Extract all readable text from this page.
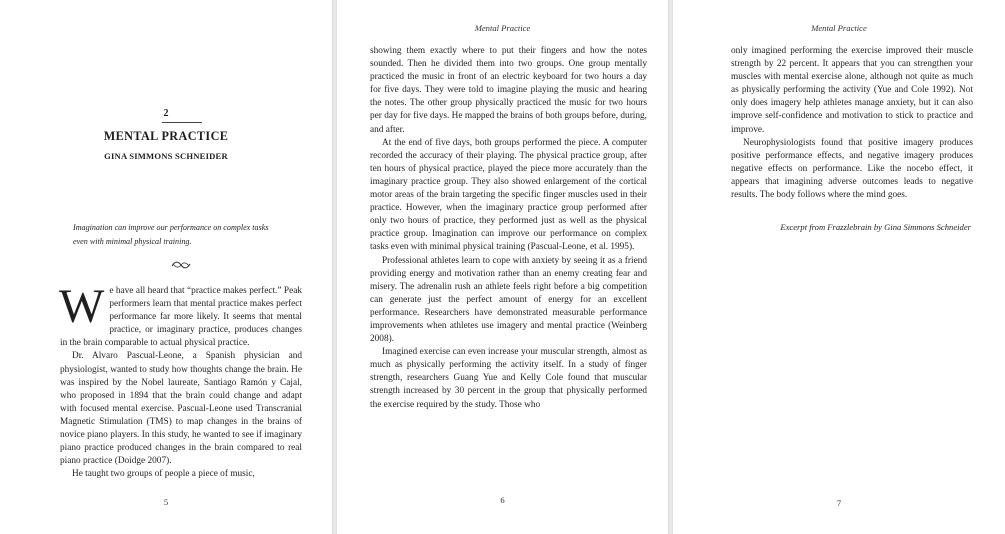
2
MENTAL PRACTICE
GINA SIMMONS SCHNEIDER
Imagination can improve our performance on complex tasks
even with minimal physical training.

W e have all heard that “practice makes perfect.” Peak performers learn that mental practice makes perfect performance far more likely. It seems that mental practice, or imaginary practice, produces changes in the brain comparable to actual physical practice.

Dr. Alvaro Pascual-Leone, a Spanish physician and physiologist, wanted to study how thoughts change the brain. He was inspired by the Nobel laureate, Santiago Ramón y Cajal, who proposed in 1894 that the brain could change and adapt with focused mental exercise. Pascual-Leone used Transcranial Magnetic Stimulation (TMS) to map changes in the brains of novice piano players. In this study, he wanted to see if imaginary piano practice produced changes in the brain compared to real piano practice (Doidge 2007).

He taught two groups of people a piece of music,

5
Mental Practice

showing them exactly where to put their fingers and how the notes sounded. Then he divided them into two groups. One group mentally practiced the music in front of an electric keyboard for two hours a day for five days. They were told to imagine playing the music and hearing the notes. The other group physically practiced the music for two hours per day for five days. He mapped the brains of both groups before, during, and after.

At the end of five days, both groups performed the piece. A computer recorded the accuracy of their playing. The physical practice group, after ten hours of physical practice, played the piece more accurately than the imaginary practice group. They also showed enlargement of the cortical motor areas of the brain targeting the specific finger muscles used in their practice. However, when the imaginary practice group performed after only two hours of practice, they performed just as well as the physical practice group. Imagination can improve our performance on complex tasks even with minimal physical training (Pascual-Leone, et al. 1995).

Professional athletes learn to cope with anxiety by seeing it as a friend providing energy and motivation rather than an enemy creating fear and misery. The adrenalin rush an athlete feels right before a big competition can generate just the perfect amount of energy for an excellent performance. Researchers have demonstrated measurable performance improvements when athletes use imagery and mental practice (Weinberg 2008).

Imagined exercise can even increase your muscular strength, almost as much as physically performing the activity itself. In a study of finger strength, researchers Guang Yue and Kelly Cole found that muscular strength increased by 30 percent in the group that physically performed the exercise required by the study. Those who

6
Mental Practice

only imagined performing the exercise improved their muscle strength by 22 percent. It appears that you can strengthen your muscles with mental exercise alone, although not quite as much as physically performing the activity (Yue and Cole 1992). Not only does imagery help athletes manage anxiety, but it can also improve self-confidence and motivation to stick to practice and improve.

Neurophysiologists found that positive imagery produces positive performance effects, and negative imagery produces negative effects on performance. Like the nocebo effect, it appears that imagining adverse outcomes leads to negative results. The body follows where the mind goes.

Excerpt from Frazzlebrain by Gina Simmons Schneider
7
